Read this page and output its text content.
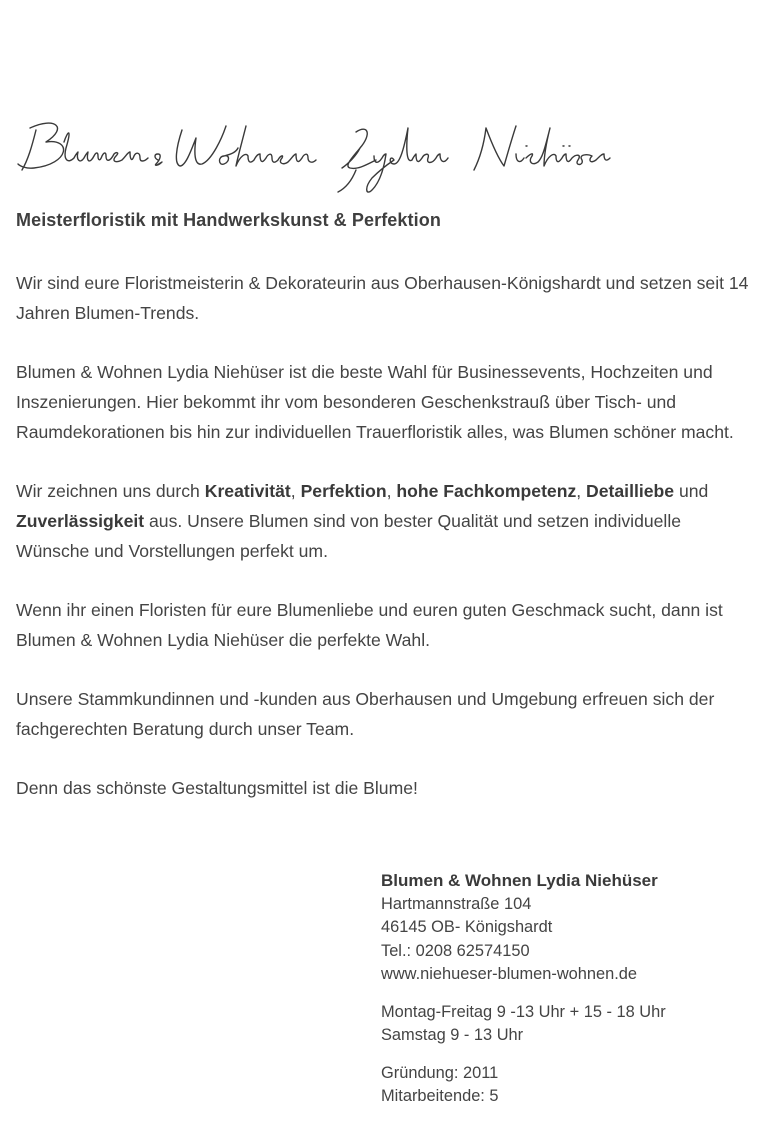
Meisterfloristik mit Handwerkskunst & Perfektion

Wir sind eure Floristmeisterin & Dekorateurin aus Oberhausen-Königshardt und setzen seit 14 Jahren Blumen-Trends.

Blumen & Wohnen Lydia Niehüser ist die beste Wahl für Businessevents, Hochzeiten und Inszenierungen. Hier bekommt ihr vom besonderen Geschenkstrauß über Tisch- und Raumdekorationen bis hin zur individuellen Trauerfloristik alles, was Blumen schöner macht.

Wir zeichnen uns durch Kreativität, Perfektion, hohe Fachkompetenz, Detailliebe und Zuverlässigkeit aus. Unsere Blumen sind von bester Qualität und setzen individuelle Wünsche und Vorstellungen perfekt um.

Wenn ihr einen Floristen für eure Blumenliebe und euren guten Geschmack sucht, dann ist Blumen & Wohnen Lydia Niehüser die perfekte Wahl.

Unsere Stammkundinnen und -kunden aus Oberhausen und Umgebung erfreuen sich der fachgerechten Beratung durch unser Team.

Denn das schönste Gestaltungsmittel ist die Blume!

Blumen & Wohnen Lydia Niehüser
Hartmannstraße 104
46145 OB- Königshardt
Tel.: 0208 62574150
www.niehueser-blumen-wohnen.de
Montag-Freitag 9 -13 Uhr + 15 - 18 Uhr
Samstag 9 - 13 Uhr
Gründung: 2011
Mitarbeitende: 5
